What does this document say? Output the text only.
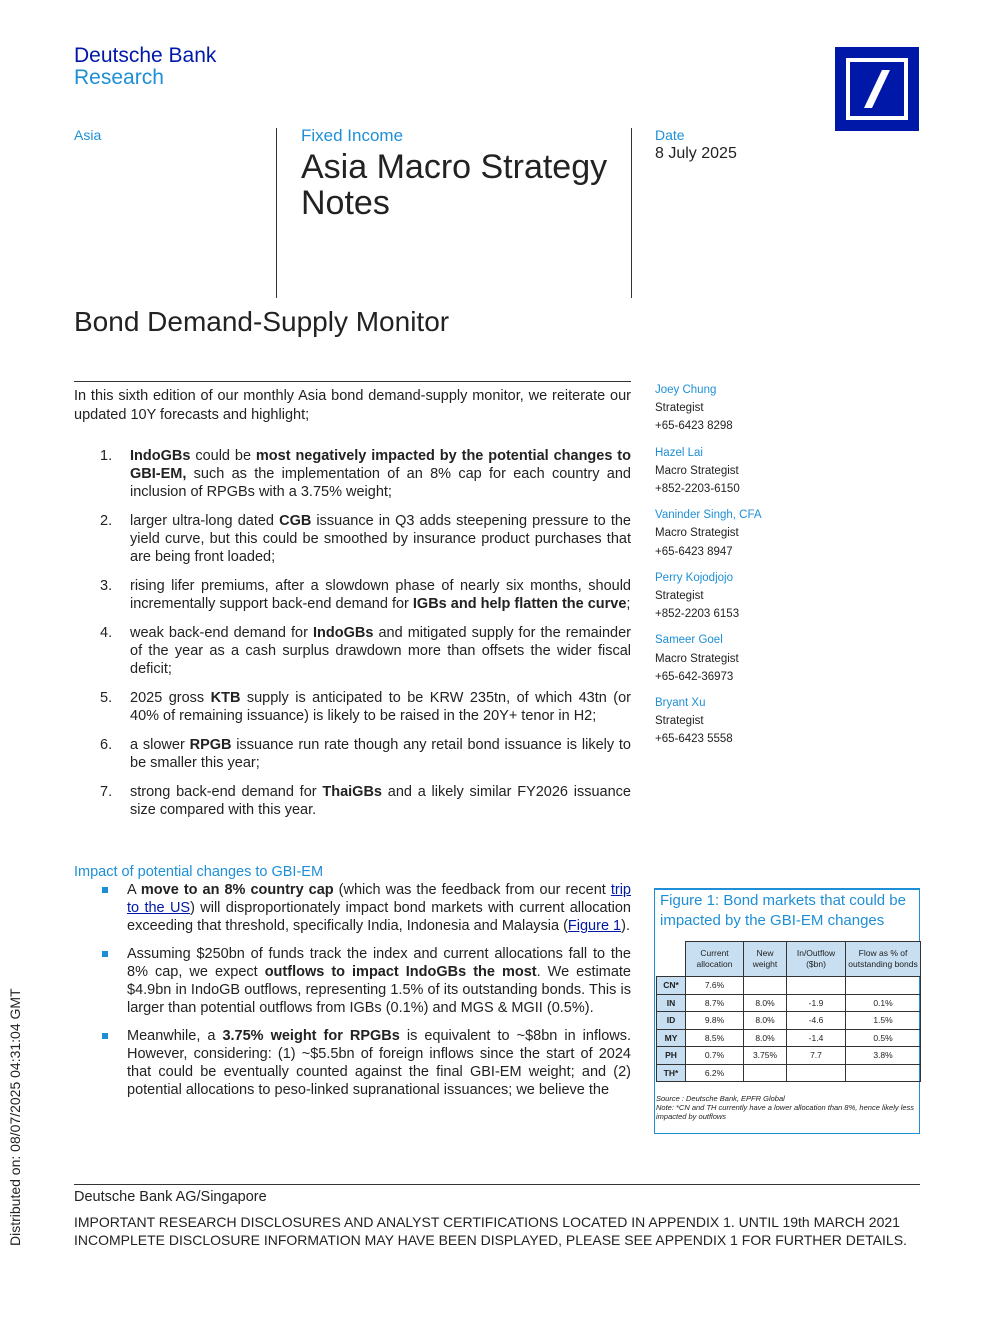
Deutsche Bank
Research
Asia	Fixed Income
Asia Macro Strategy Notes
Date
8 July 2025
Bond Demand-Supply Monitor
In this sixth edition of our monthly Asia bond demand-supply monitor, we reiterate our updated 10Y forecasts and highlight;
1. IndoGBs could be most negatively impacted by the potential changes to GBI-EM, such as the implementation of an 8% cap for each country and inclusion of RPGBs with a 3.75% weight;
2. larger ultra-long dated CGB issuance in Q3 adds steepening pressure to the yield curve, but this could be smoothed by insurance product purchases that are being front loaded;
3. rising lifer premiums, after a slowdown phase of nearly six months, should incrementally support back-end demand for IGBs and help flatten the curve;
4. weak back-end demand for IndoGBs and mitigated supply for the remainder of the year as a cash surplus drawdown more than offsets the wider fiscal deficit;
5. 2025 gross KTB supply is anticipated to be KRW 235tn, of which 43tn (or 40% of remaining issuance) is likely to be raised in the 20Y+ tenor in H2;
6. a slower RPGB issuance run rate though any retail bond issuance is likely to be smaller this year;
7. strong back-end demand for ThaiGBs and a likely similar FY2026 issuance size compared with this year.
Impact of potential changes to GBI-EM
A move to an 8% country cap (which was the feedback from our recent trip to the US) will disproportionately impact bond markets with current allocation exceeding that threshold, specifically India, Indonesia and Malaysia (Figure 1).
Assuming $250bn of funds track the index and current allocations fall to the 8% cap, we expect outflows to impact IndoGBs the most. We estimate $4.9bn in IndoGB outflows, representing 1.5% of its outstanding bonds. This is larger than potential outflows from IGBs (0.1%) and MGS & MGII (0.5%).
Meanwhile, a 3.75% weight for RPGBs is equivalent to ~$8bn in inflows. However, considering: (1) ~$5.5bn of foreign inflows since the start of 2024 that could be eventually counted against the final GBI-EM weight; and (2) potential allocations to peso-linked supranational issuances; we believe the
Joey Chung
Strategist
+65-6423 8298
Hazel Lai
Macro Strategist
+852-2203-6150
Vaninder Singh, CFA
Macro Strategist
+65-6423 8947
Perry Kojodjojo
Strategist
+852-2203 6153
Sameer Goel
Macro Strategist
+65-642-36973
Bryant Xu
Strategist
+65-6423 5558
Figure 1: Bond markets that could be impacted by the GBI-EM changes
	Current allocation	New weight	In/Outflow ($bn)	Flow as % of outstanding bonds
CN*	7.6%			
IN	8.7%	8.0%	-1.9	0.1%
ID	9.8%	8.0%	-4.6	1.5%
MY	8.5%	8.0%	-1.4	0.5%
PH	0.7%	3.75%	7.7	3.8%
TH*	6.2%			
Source : Deutsche Bank, EPFR Global
Note: *CN and TH currently have a lower allocation than 8%, hence likely less impacted by outflows
Deutsche Bank AG/Singapore
IMPORTANT RESEARCH DISCLOSURES AND ANALYST CERTIFICATIONS LOCATED IN APPENDIX 1. UNTIL 19th MARCH 2021 INCOMPLETE DISCLOSURE INFORMATION MAY HAVE BEEN DISPLAYED, PLEASE SEE APPENDIX 1 FOR FURTHER DETAILS.
Distributed on: 08/07/2025 04:31:04 GMT
